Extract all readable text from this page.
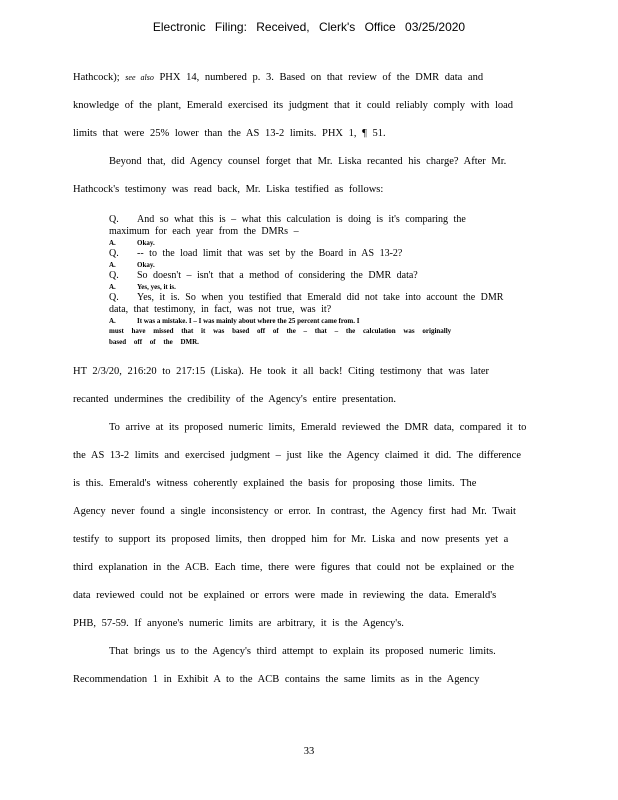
Electronic Filing: Received, Clerk's Office 03/25/2020
Hathcock); see also PHX 14, numbered p. 3. Based on that review of the DMR data and
knowledge of the plant, Emerald exercised its judgment that it could reliably comply with load
limits that were 25% lower than the AS 13-2 limits. PHX 1, ¶ 51.
Beyond that, did Agency counsel forget that Mr. Liska recanted his charge? After Mr.
Hathcock's testimony was read back, Mr. Liska testified as follows:
Q.	And so what this is – what this calculation is doing is it's comparing the
maximum for each year from the DMRs –
A.	Okay.
Q.	-- to the load limit that was set by the Board in AS 13-2?
A.	Okay.
Q.	So doesn't – isn't that a method of considering the DMR data?
A.	Yes, yes, it is.
Q.	Yes, it is. So when you testified that Emerald did not take into account the DMR
data, that testimony, in fact, was not true, was it?
A.	It was a mistake. I – I was mainly about where the 25 percent came from. I
must have missed that it was based off of the – that – the calculation was originally
based off of the DMR.
HT 2/3/20, 216:20 to 217:15 (Liska). He took it all back! Citing testimony that was later
recanted undermines the credibility of the Agency's entire presentation.
To arrive at its proposed numeric limits, Emerald reviewed the DMR data, compared it to
the AS 13-2 limits and exercised judgment – just like the Agency claimed it did. The difference
is this. Emerald's witness coherently explained the basis for proposing those limits. The
Agency never found a single inconsistency or error. In contrast, the Agency first had Mr. Twait
testify to support its proposed limits, then dropped him for Mr. Liska and now presents yet a
third explanation in the ACB. Each time, there were figures that could not be explained or the
data reviewed could not be explained or errors were made in reviewing the data. Emerald's
PHB, 57-59. If anyone's numeric limits are arbitrary, it is the Agency's.
That brings us to the Agency's third attempt to explain its proposed numeric limits.
Recommendation 1 in Exhibit A to the ACB contains the same limits as in the Agency
33
